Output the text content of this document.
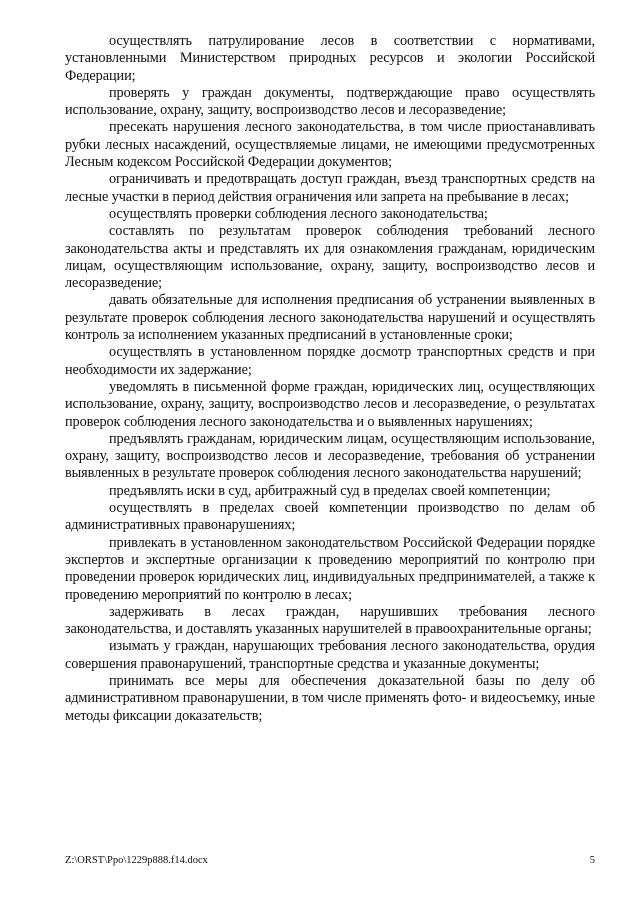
осуществлять патрулирование лесов в соответствии с нормативами, установленными Министерством природных ресурсов и экологии Российской Федерации;

проверять у граждан документы, подтверждающие право осуществлять использование, охрану, защиту, воспроизводство лесов и лесоразведение;

пресекать нарушения лесного законодательства, в том числе приостанавливать рубки лесных насаждений, осуществляемые лицами, не имеющими предусмотренных Лесным кодексом Российской Федерации документов;

ограничивать и предотвращать доступ граждан, въезд транспортных средств на лесные участки в период действия ограничения или запрета на пребывание в лесах;

осуществлять проверки соблюдения лесного законодательства;

составлять по результатам проверок соблюдения требований лесного законодательства акты и представлять их для ознакомления гражданам, юридическим лицам, осуществляющим использование, охрану, защиту, воспроизводство лесов и лесоразведение;

давать обязательные для исполнения предписания об устранении выявленных в результате проверок соблюдения лесного законодательства нарушений и осуществлять контроль за исполнением указанных предписаний в установленные сроки;

осуществлять в установленном порядке досмотр транспортных средств и при необходимости их задержание;

уведомлять в письменной форме граждан, юридических лиц, осуществляющих использование, охрану, защиту, воспроизводство лесов и лесоразведение, о результатах проверок соблюдения лесного законодательства и о выявленных нарушениях;

предъявлять гражданам, юридическим лицам, осуществляющим использование, охрану, защиту, воспроизводство лесов и лесоразведение, требования об устранении выявленных в результате проверок соблюдения лесного законодательства нарушений;

предъявлять иски в суд, арбитражный суд в пределах своей компетенции;

осуществлять в пределах своей компетенции производство по делам об административных правонарушениях;

привлекать в установленном законодательством Российской Федерации порядке экспертов и экспертные организации к проведению мероприятий по контролю при проведении проверок юридических лиц, индивидуальных предпринимателей, а также к проведению мероприятий по контролю в лесах;

задерживать в лесах граждан, нарушивших требования лесного законодательства, и доставлять указанных нарушителей в правоохранительные органы;

изымать у граждан, нарушающих требования лесного законодательства, орудия совершения правонарушений, транспортные средства и указанные документы;

принимать все меры для обеспечения доказательной базы по делу об административном правонарушении, в том числе применять фото- и видеосъемку, иные методы фиксации доказательств;

Z:\ORST\Ppo\1229p888.f14.docx	5
